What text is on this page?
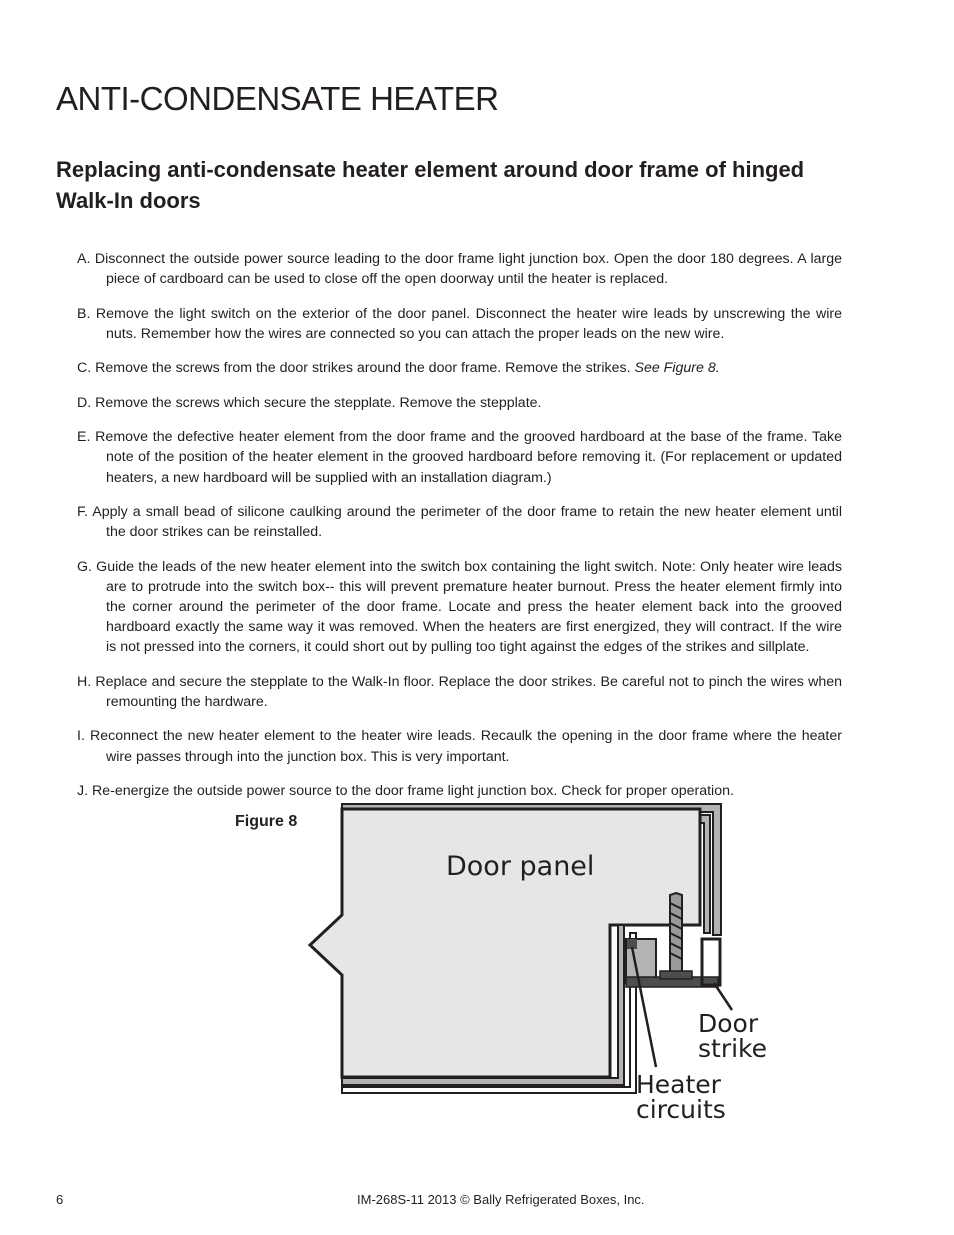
ANTI-CONDENSATE HEATER
Replacing anti-condensate heater element around door frame of hinged Walk-In doors

A. Disconnect the outside power source leading to the door frame light junction box. Open the door 180 degrees. A large piece of cardboard can be used to close off the open doorway until the heater is replaced.

B. Remove the light switch on the exterior of the door panel. Disconnect the heater wire leads by unscrewing the wire nuts. Remember how the wires are connected so you can attach the proper leads on the new wire.

C. Remove the screws from the door strikes around the door frame. Remove the strikes. See Figure 8.

D. Remove the screws which secure the stepplate. Remove the stepplate.

E. Remove the defective heater element from the door frame and the grooved hardboard at the base of the frame. Take note of the position of the heater element in the grooved hardboard before removing it. (For replacement or updated heaters, a new hardboard will be supplied with an installation diagram.)

F. Apply a small bead of silicone caulking around the perimeter of the door frame to retain the new heater element until the door strikes can be reinstalled.

G. Guide the leads of the new heater element into the switch box containing the light switch. Note: Only heater wire leads are to protrude into the switch box-- this will prevent premature heater burnout. Press the heater element firmly into the corner around the perimeter of the door frame. Locate and press the heater element back into the grooved hardboard exactly the same way it was removed. When the heaters are first energized, they will contract. If the wire is not pressed into the corners, it could short out by pulling too tight against the edges of the strikes and sillplate.

H. Replace and secure the stepplate to the Walk-In floor. Replace the door strikes. Be careful not to pinch the wires when remounting the hardware.

I. Reconnect the new heater element to the heater wire leads. Recaulk the opening in the door frame where the heater wire passes through into the junction box. This is very important.

J. Re-energize the outside power source to the door frame light junction box. Check for proper operation.

Figure 8
Door panel
Door
strike
Heater
circuits
6	IM-268S-11 2013 © Bally Refrigerated Boxes, Inc.
